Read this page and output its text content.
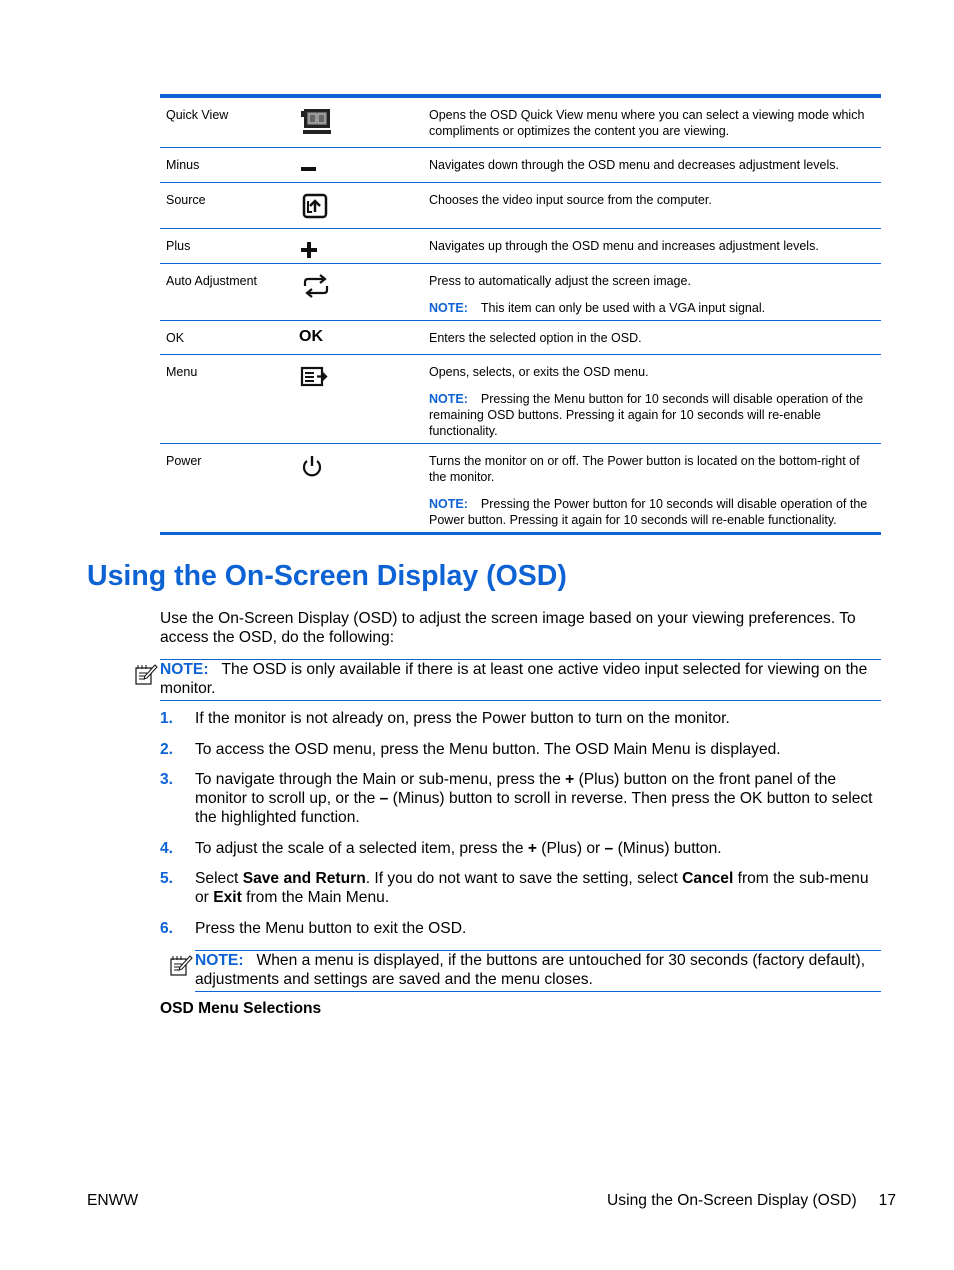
Quick View	Opens the OSD Quick View menu where you can select a viewing mode which compliments or optimizes the content you are viewing.

Minus	Navigates down through the OSD menu and decreases adjustment levels.

Source	Chooses the video input source from the computer.

Plus	Navigates up through the OSD menu and increases adjustment levels.

Auto Adjustment	Press to automatically adjust the screen image.

NOTE: This item can only be used with a VGA input signal.

OK	OK	Enters the selected option in the OSD.

Menu	Opens, selects, or exits the OSD menu.

NOTE: Pressing the Menu button for 10 seconds will disable operation of the remaining OSD buttons. Pressing it again for 10 seconds will re-enable functionality.

Power	Turns the monitor on or off. The Power button is located on the bottom-right of the monitor.

NOTE: Pressing the Power button for 10 seconds will disable operation of the Power button. Pressing it again for 10 seconds will re-enable functionality.

Using the On-Screen Display (OSD)

Use the On-Screen Display (OSD) to adjust the screen image based on your viewing preferences. To access the OSD, do the following:

NOTE: The OSD is only available if there is at least one active video input selected for viewing on the monitor.
1. If the monitor is not already on, press the Power button to turn on the monitor.
2. To access the OSD menu, press the Menu button. The OSD Main Menu is displayed.
3. To navigate through the Main or sub-menu, press the + (Plus) button on the front panel of the monitor to scroll up, or the – (Minus) button to scroll in reverse. Then press the OK button to select the highlighted function.
4. To adjust the scale of a selected item, press the + (Plus) or – (Minus) button.
5. Select Save and Return. If you do not want to save the setting, select Cancel from the sub-menu or Exit from the Main Menu.
6. Press the Menu button to exit the OSD.
NOTE: When a menu is displayed, if the buttons are untouched for 30 seconds (factory default), adjustments and settings are saved and the menu closes.

OSD Menu Selections

ENWW	Using the On-Screen Display (OSD) 17
